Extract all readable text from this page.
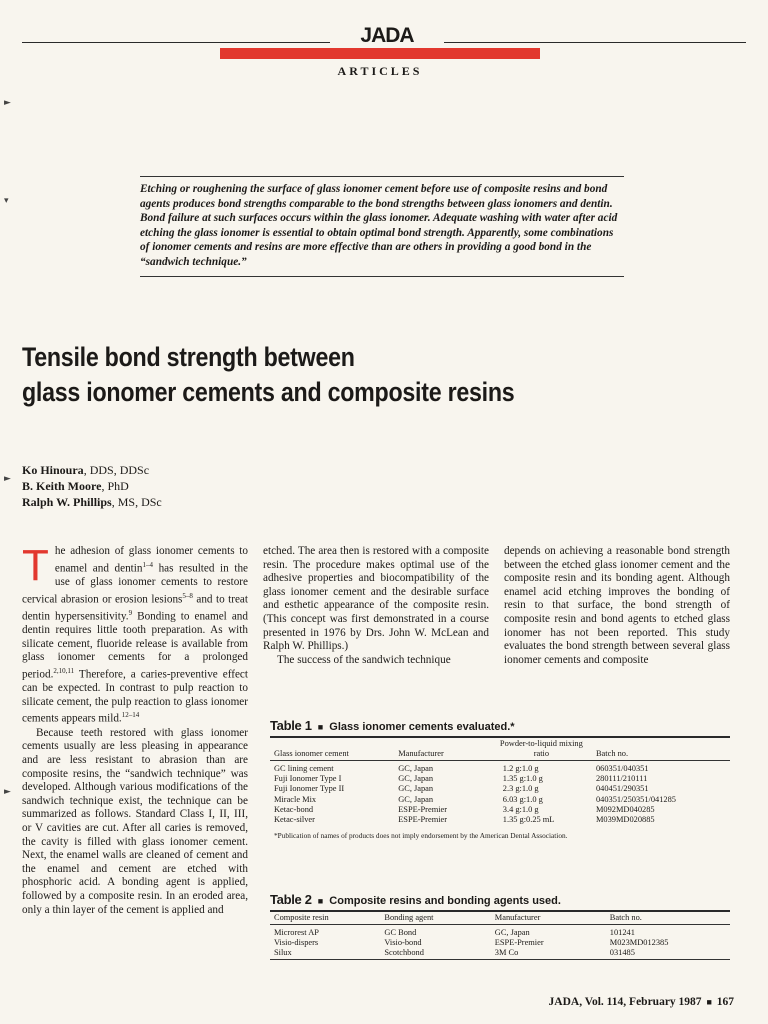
JADA
ARTICLES
►
▾
►
►
Etching or roughening the surface of glass ionomer cement before use of composite resins and bond agents produces bond strengths comparable to the bond strengths between glass ionomers and dentin. Bond failure at such surfaces occurs within the glass ionomer. Adequate washing with water after acid etching the glass ionomer is essential to obtain optimal bond strength. Apparently, some combinations of ionomer cements and resins are more effective than are others in providing a good bond in the “sandwich technique.”
Tensile bond strength between
glass ionomer cements and composite resins
Ko Hinoura, DDS, DDSc
B. Keith Moore, PhD
Ralph W. Phillips, MS, DSc

The adhesion of glass ionomer cements to enamel and dentin$^{1-4}$ has resulted in the use of glass ionomer cements to restore cervical abrasion or erosion lesions$^{5-8}$ and to treat dentin hypersensitivity.$^9$ Bonding to enamel and dentin requires little tooth preparation. As with silicate cement, fluoride release is available from glass ionomer cements for a prolonged period.$^{2,10,11}$ Therefore, a caries-preventive effect can be expected. In contrast to pulp reaction to silicate cement, the pulp reaction to glass ionomer cements appears mild.$^{12-14}$

Because teeth restored with glass ionomer cements usually are less pleasing in appearance and are less resistant to abrasion than are composite resins, the “sandwich technique” was developed. Although various modifications of the sandwich technique exist, the technique can be summarized as follows. Standard Class I, II, III, or V cavities are cut. After all caries is removed, the cavity is filled with glass ionomer cement. Next, the enamel walls are cleaned of cement and the enamel and cement are etched with phosphoric acid. A bonding agent is applied, followed by a composite resin. In an eroded area, only a thin layer of the cement is applied and

etched. The area then is restored with a composite resin. The procedure makes optimal use of the adhesive properties and biocompatibility of the glass ionomer cement and the desirable surface and esthetic appearance of the composite resin. (This concept was first demonstrated in a course presented in 1976 by Drs. John W. McLean and Ralph W. Phillips.)

The success of the sandwich technique

depends on achieving a reasonable bond strength between the etched glass ionomer cement and the composite resin and its bonding agent. Although enamel acid etching improves the bonding of resin to that surface, the bond strength of composite resin and bond agents to etched glass ionomer has not been reported. This study evaluates the bond strength between several glass ionomer cements and composite

Table 1 ■ Glass ionomer cements evaluated.*
Glass ionomer cement	Manufacturer	Powder-to-liquid mixing ratio	Batch no.
GC lining cement	GC, Japan	1.2 g:1.0 g	060351/040351
Fuji Ionomer Type I	GC, Japan	1.35 g:1.0 g	280111/210111
Fuji Ionomer Type II	GC, Japan	2.3 g:1.0 g	040451/290351
Miracle Mix	GC, Japan	6.03 g:1.0 g	040351/250351/041285
Ketac-bond	ESPE-Premier	3.4 g:1.0 g	M092MD040285
Ketac-silver	ESPE-Premier	1.35 g:0.25 mL	M039MD020885
*Publication of names of products does not imply endorsement by the American Dental Association.
Table 2 ■ Composite resins and bonding agents used.
Composite resin	Bonding agent	Manufacturer	Batch no.
Microrest AP	GC Bond	GC, Japan	101241
Visio-dispers	Visio-bond	ESPE-Premier	M023MD012385
Silux	Scotchbond	3M Co	031485
JADA, Vol. 114, February 1987 ■ 167
